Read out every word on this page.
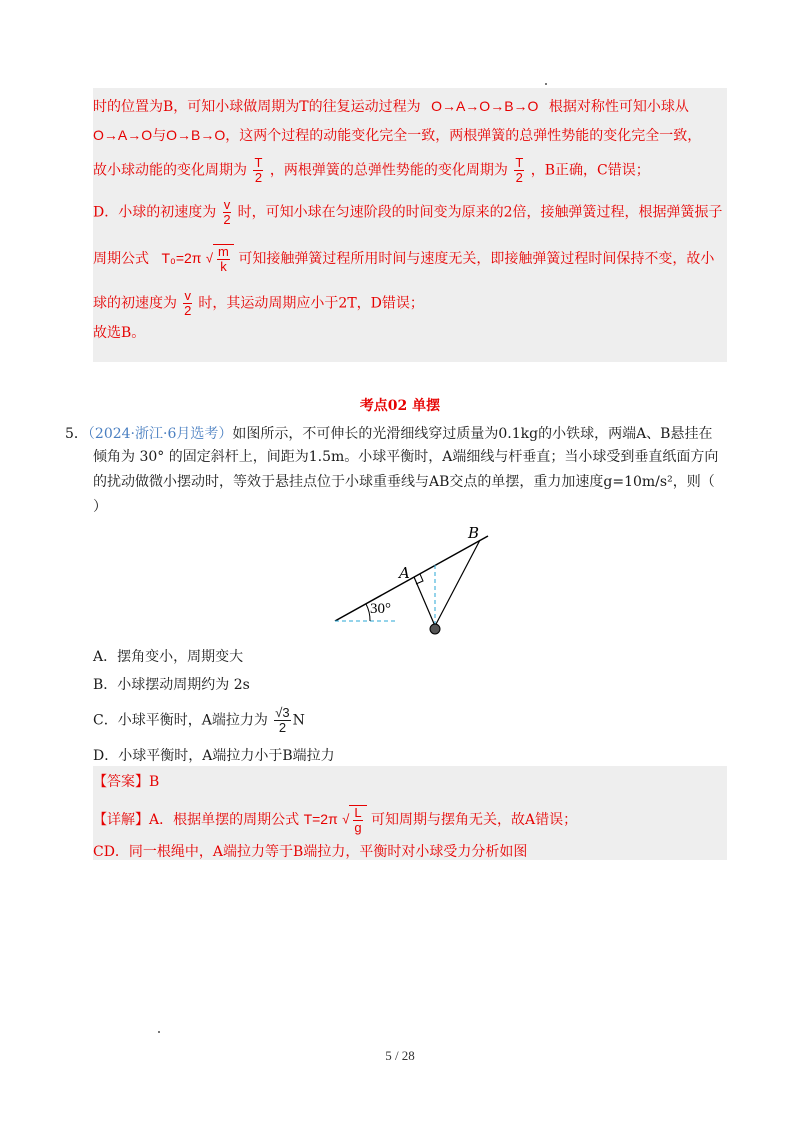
时的位置为B，可知小球做周期为T的往复运动过程为 O→A→O→B→O 根据对称性可知小球从
O→A→O与O→B→O，这两个过程的动能变化完全一致，两根弹簧的总弹性势能的变化完全一致，
故小球动能的变化周期为 $\frac{T}{2}$ ，两根弹簧的总弹性势能的变化周期为 $\frac{T}{2}$ ，B正确，C错误；
D．小球的初速度为 $\frac{v}{2}$ 时，可知小球在匀速阶段的时间变为原来的2倍，接触弹簧过程，根据弹簧振子
周期公式 T₀=2π √ $\frac{m}{k}$ 可知接触弹簧过程所用时间与速度无关，即接触弹簧过程时间保持不变，故小
球的初速度为 $\frac{v}{2}$ 时，其运动周期应小于2T，D错误；
故选B。
考点02 单摆
5．（2024·浙江·6月选考）如图所示，不可伸长的光滑细线穿过质量为0.1kg的小铁球，两端A、B悬挂在
倾角为 30° 的固定斜杆上，间距为1.5m。小球平衡时，A端细线与杆垂直；当小球受到垂直纸面方向
的扰动做微小摆动时，等效于悬挂点位于小球重垂线与AB交点的单摆，重力加速度g=10m/s²，则（
）
A
B
30°
A．摆角变小，周期变大
B．小球摆动周期约为 2s
C．小球平衡时，A端拉力为 $\frac{√3}{2}$ N
D．小球平衡时，A端拉力小于B端拉力
【答案】B
【详解】A．根据单摆的周期公式 T=2π √ $\frac{L}{g}$ 可知周期与摆角无关，故A错误；
CD．同一根绳中，A端拉力等于B端拉力，平衡时对小球受力分析如图
5 / 28
